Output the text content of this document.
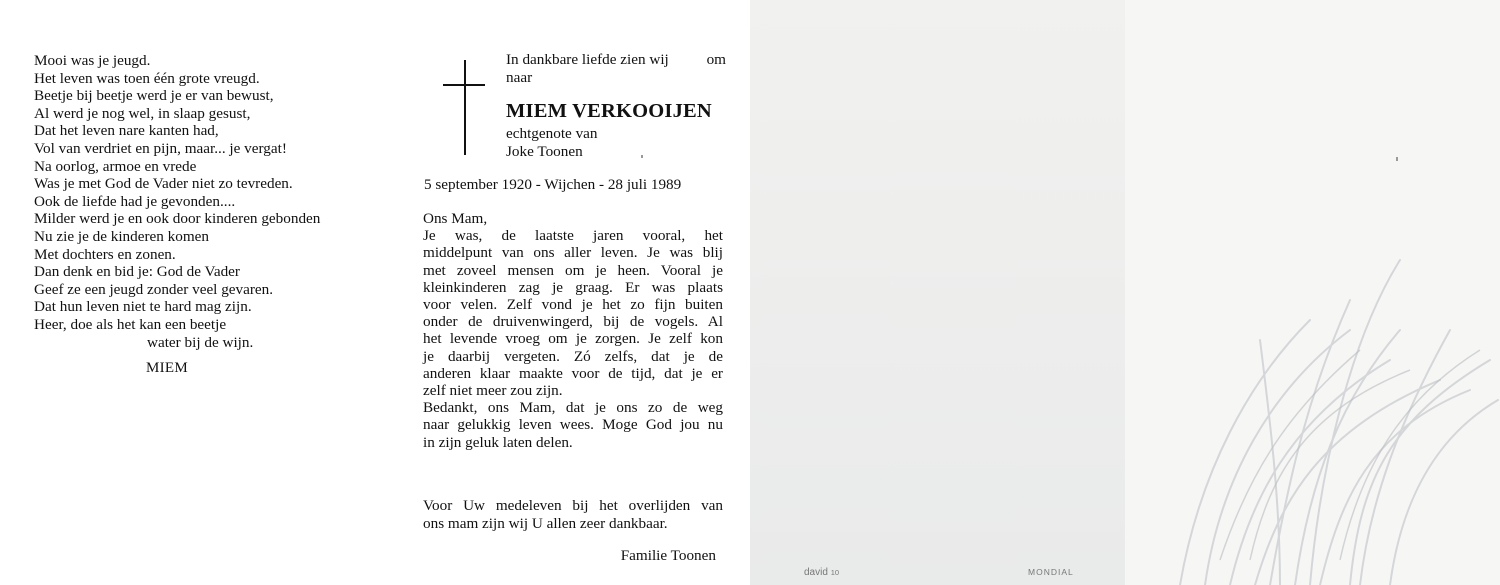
Mooi was je jeugd.
Het leven was toen één grote vreugd.
Beetje bij beetje werd je er van bewust,
Al werd je nog wel, in slaap gesust,
Dat het leven nare kanten had,
Vol van verdriet en pijn, maar... je vergat!
Na oorlog, armoe en vrede
Was je met God de Vader niet zo tevreden.
Ook de liefde had je gevonden....
Milder werd je en ook door kinderen gebonden
Nu zie je de kinderen komen
Met dochters en zonen.
Dan denk en bid je: God de Vader
Geef ze een jeugd zonder veel gevaren.
Dat hun leven niet te hard mag zijn.
Heer, doe als het kan een beetje
water bij de wijn.
MIEM
In dankbare liefde zien wij om
naar
MIEM VERKOOIJEN
echtgenote van
Joke Toonen
5 september 1920 - Wijchen - 28 juli 1989
Ons Mam,
Je was, de laatste jaren vooral, het
middelpunt van ons aller leven. Je was blij
met zoveel mensen om je heen. Vooral je
kleinkinderen zag je graag. Er was plaats
voor velen. Zelf vond je het zo fijn buiten
onder de druivenwingerd, bij de vogels. Al
het levende vroeg om je zorgen. Je zelf kon
je daarbij vergeten. Zó zelfs, dat je de
anderen klaar maakte voor de tijd, dat je er
zelf niet meer zou zijn.
Bedankt, ons Mam, dat je ons zo de weg
naar gelukkig leven wees. Moge God jou nu
in zijn geluk laten delen.
Voor Uw medeleven bij het overlijden van
ons mam zijn wij U allen zeer dankbaar.
Familie Toonen
david 10	MONDIAL
